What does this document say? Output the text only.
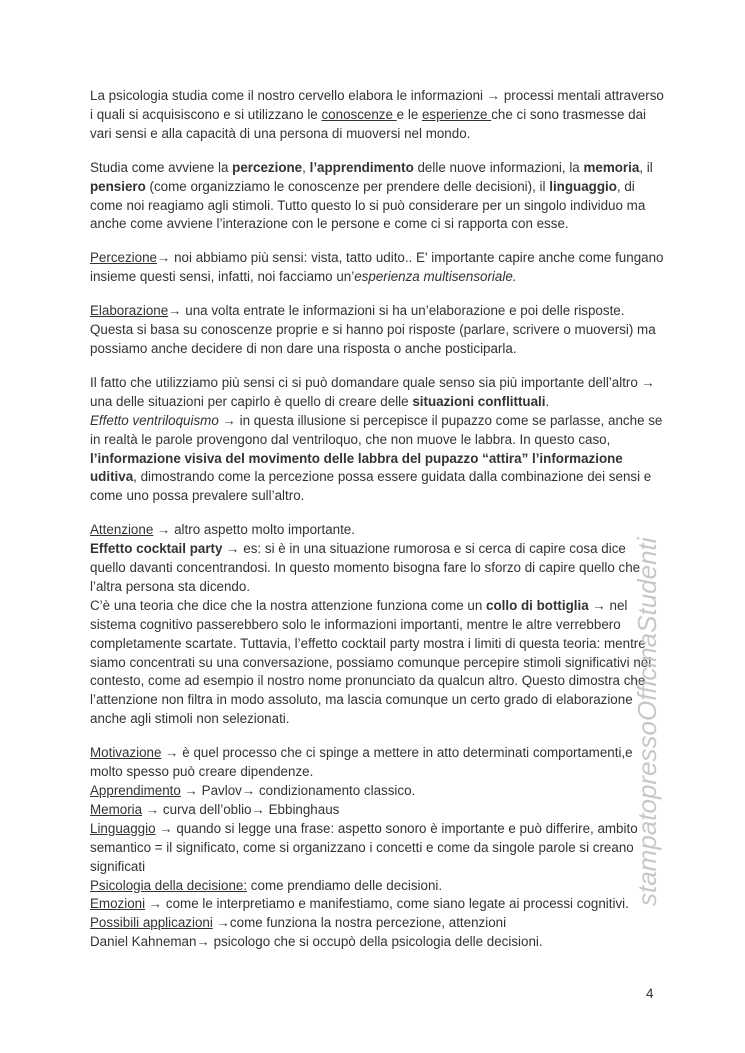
La psicologia studia come il nostro cervello elabora le informazioni → processi mentali attraverso i quali si acquisiscono e si utilizzano le conoscenze e le esperienze che ci sono trasmesse dai vari sensi e alla capacità di una persona di muoversi nel mondo.

Studia come avviene la percezione, l’apprendimento delle nuove informazioni, la memoria, il pensiero (come organizziamo le conoscenze per prendere delle decisioni), il linguaggio, di come noi reagiamo agli stimoli. Tutto questo lo si può considerare per un singolo individuo ma anche come avviene l’interazione con le persone e come ci si rapporta con esse.

Percezione→ noi abbiamo più sensi: vista, tatto udito.. E' importante capire anche come fungano insieme questi sensi, infatti, noi facciamo un’esperienza multisensoriale.

Elaborazione→ una volta entrate le informazioni si ha un’elaborazione e poi delle risposte. Questa si basa su conoscenze proprie e si hanno poi risposte (parlare, scrivere o muoversi) ma possiamo anche decidere di non dare una risposta o anche posticiparla.

Il fatto che utilizziamo più sensi ci si può domandare quale senso sia più importante dell’altro → una delle situazioni per capirlo è quello di creare delle situazioni conflittuali.
Effetto ventriloquismo → in questa illusione si percepisce il pupazzo come se parlasse, anche se in realtà le parole provengono dal ventriloquo, che non muove le labbra. In questo caso, l’informazione visiva del movimento delle labbra del pupazzo “attira” l’informazione uditiva, dimostrando come la percezione possa essere guidata dalla combinazione dei sensi e come uno possa prevalere sull’altro.

Attenzione → altro aspetto molto importante.
Effetto cocktail party → es: si è in una situazione rumorosa e si cerca di capire cosa dice quello davanti concentrandosi. In questo momento bisogna fare lo sforzo di capire quello che l’altra persona sta dicendo.
C’è una teoria che dice che la nostra attenzione funziona come un collo di bottiglia → nel sistema cognitivo passerebbero solo le informazioni importanti, mentre le altre verrebbero completamente scartate. Tuttavia, l’effetto cocktail party mostra i limiti di questa teoria: mentre siamo concentrati su una conversazione, possiamo comunque percepire stimoli significativi nel contesto, come ad esempio il nostro nome pronunciato da qualcun altro. Questo dimostra che l’attenzione non filtra in modo assoluto, ma lascia comunque un certo grado di elaborazione anche agli stimoli non selezionati.

Motivazione → è quel processo che ci spinge a mettere in atto determinati comportamenti,e molto spesso può creare dipendenze.
Apprendimento → Pavlov→ condizionamento classico.
Memoria → curva dell’oblio→ Ebbinghaus
Linguaggio → quando si legge una frase: aspetto sonoro è importante e può differire, ambito semantico = il significato, come si organizzano i concetti e come da singole parole si creano significati
Psicologia della decisione: come prendiamo delle decisioni.
Emozioni → come le interpretiamo e manifestiamo, come siano legate ai processi cognitivi.
Possibili applicazioni →come funziona la nostra percezione, attenzioni
Daniel Kahneman→ psicologo che si occupò della psicologia delle decisioni.

stampatopressoOfficinaStudenti
4
